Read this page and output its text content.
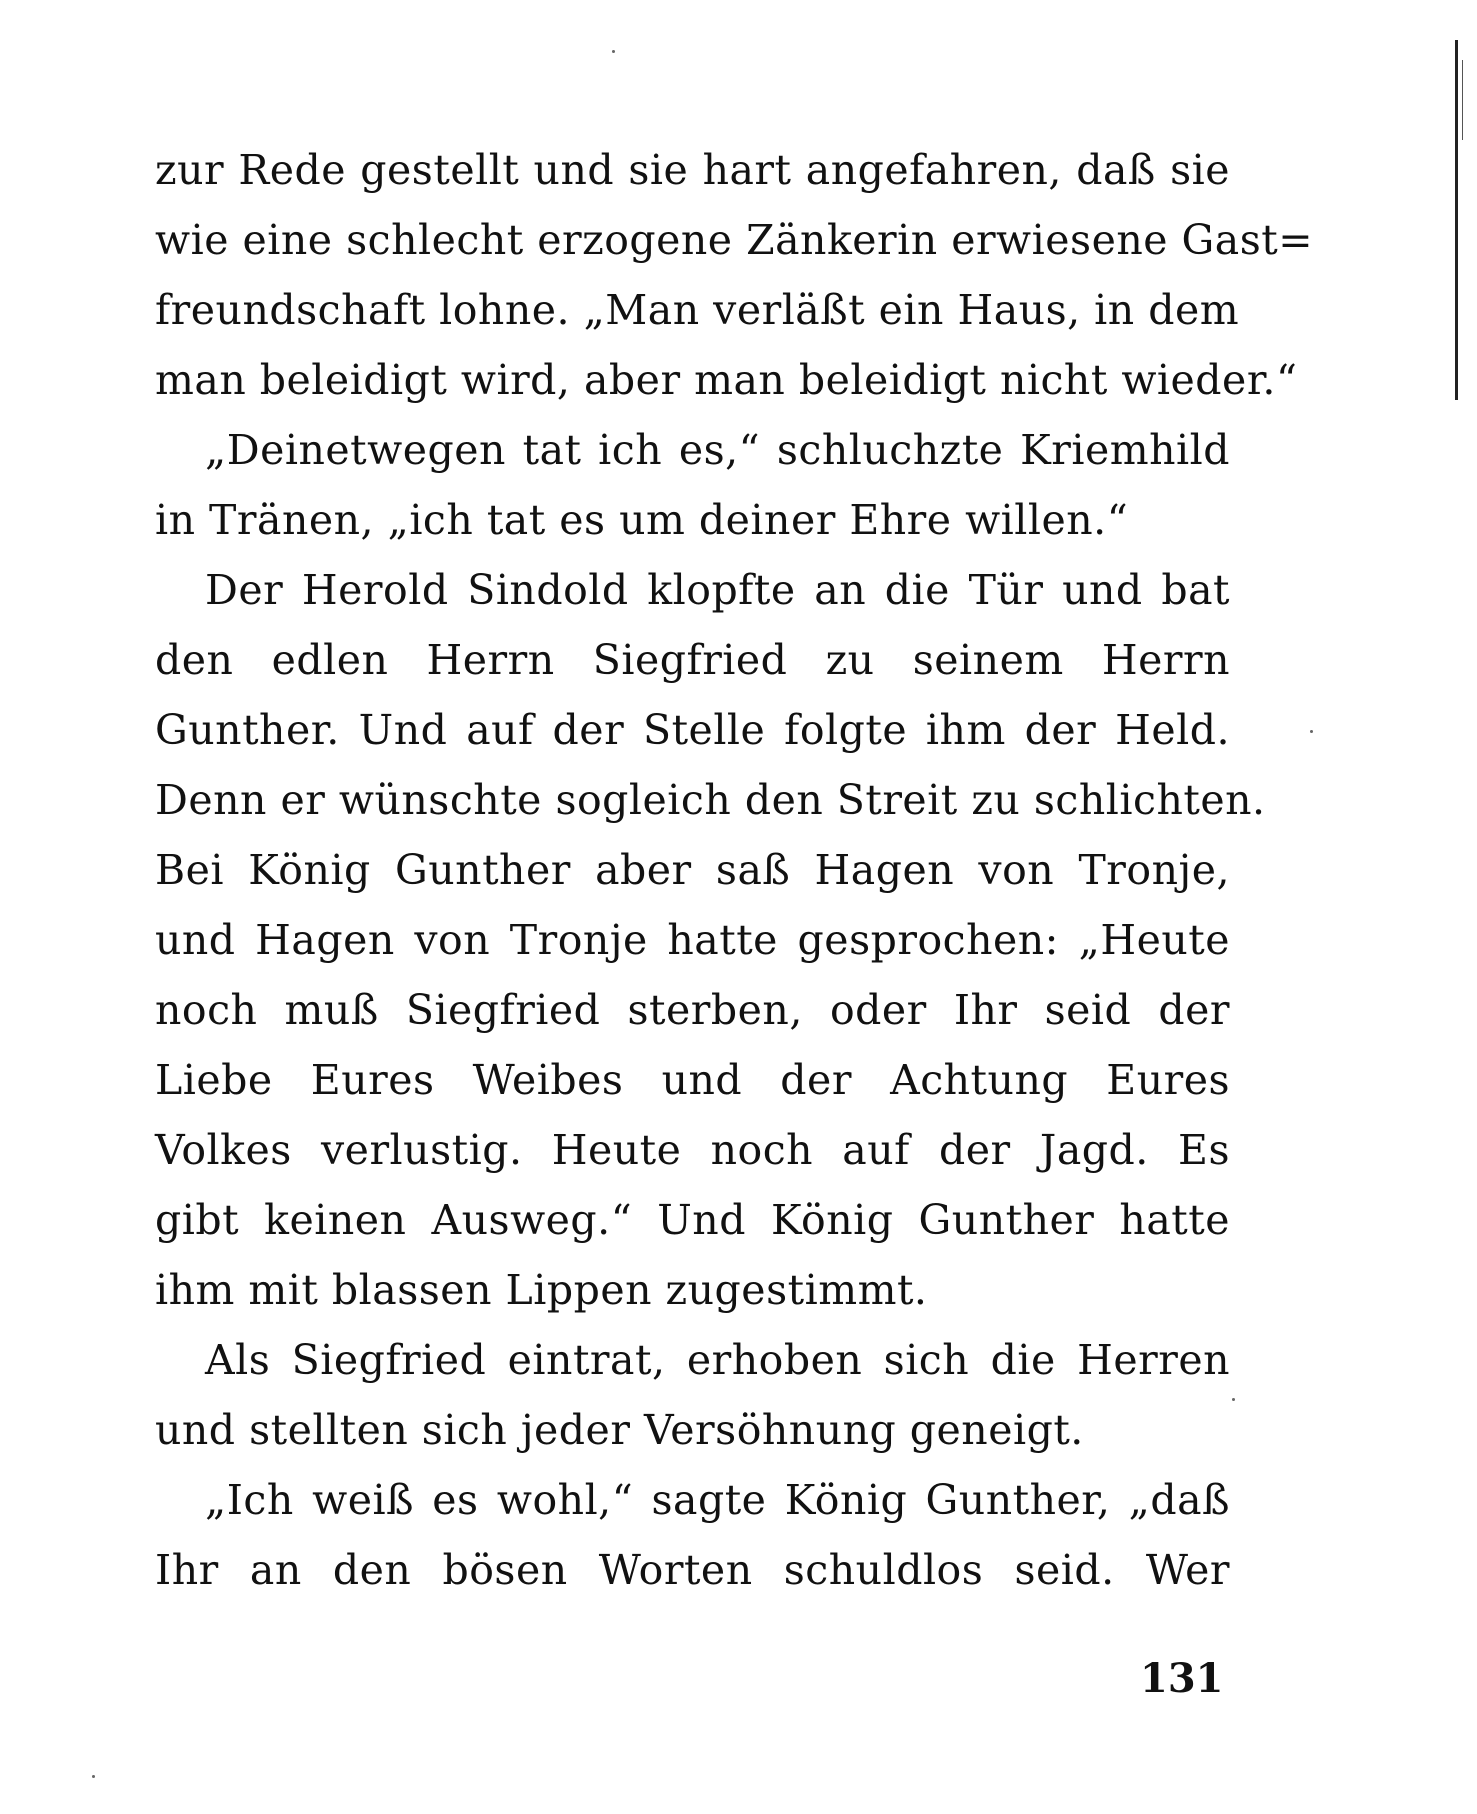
zur Rede gestellt und sie hart angefahren, daß sie
wie eine schlecht erzogene Zänkerin erwiesene Gast=
freundschaft lohne. „Man verläßt ein Haus, in dem
man beleidigt wird, aber man beleidigt nicht wieder.“
„Deinetwegen tat ich es,“ schluchzte Kriemhild
in Tränen, „ich tat es um deiner Ehre willen.“
Der Herold Sindold klopfte an die Tür und bat
den edlen Herrn Siegfried zu seinem Herrn
Gunther. Und auf der Stelle folgte ihm der Held.
Denn er wünschte sogleich den Streit zu schlichten.
Bei König Gunther aber saß Hagen von Tronje,
und Hagen von Tronje hatte gesprochen: „Heute
noch muß Siegfried sterben, oder Ihr seid der
Liebe Eures Weibes und der Achtung Eures
Volkes verlustig. Heute noch auf der Jagd. Es
gibt keinen Ausweg.“ Und König Gunther hatte
ihm mit blassen Lippen zugestimmt.
Als Siegfried eintrat, erhoben sich die Herren
und stellten sich jeder Versöhnung geneigt.
„Ich weiß es wohl,“ sagte König Gunther, „daß
Ihr an den bösen Worten schuldlos seid. Wer
131
